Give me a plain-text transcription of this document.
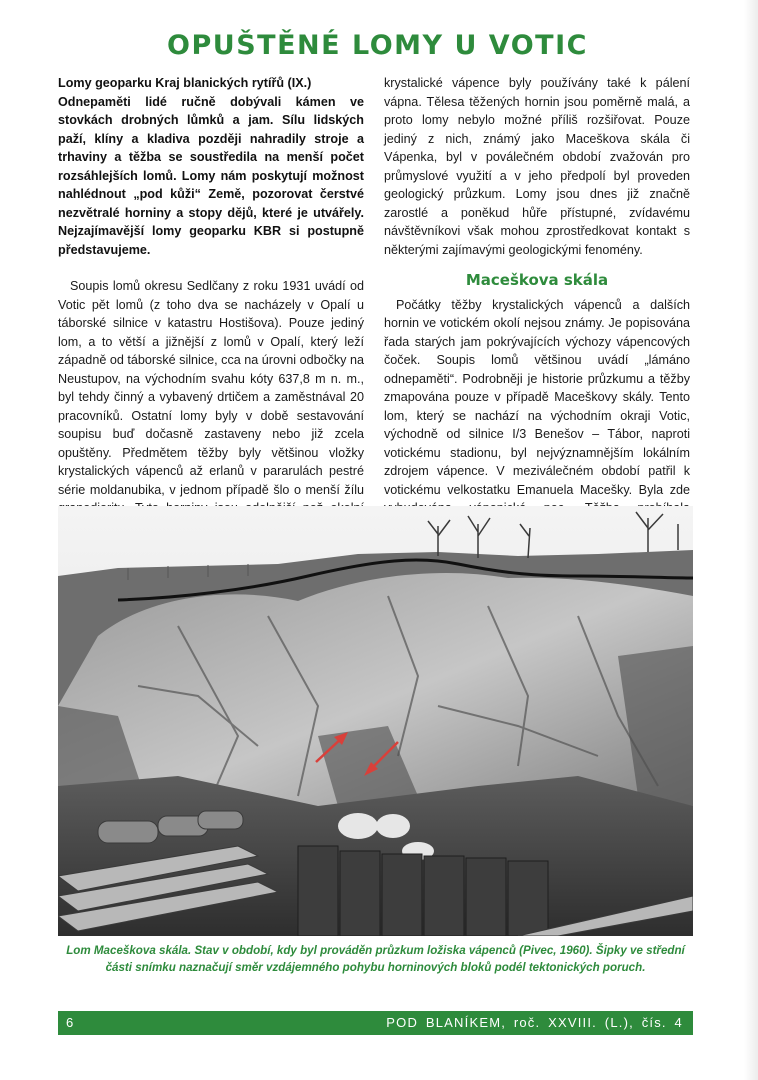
OPUŠTĚNÉ LOMY U VOTIC

Lomy geoparku Kraj blanických rytířů (IX.)
Odnepaměti lidé ručně dobývali kámen ve stovkách drobných lůmků a jam. Sílu lidských paží, klíny a kladiva později nahradily stroje a trhaviny a těžba se soustředila na menší počet rozsáhlejších lomů. Lomy nám poskytují možnost nahlédnout „pod kůži“ Země, pozorovat čerstvé nezvětralé horniny a stopy dějů, které je utvářely. Nejzajímavější lomy geoparku KBR si postupně představujeme.

Soupis lomů okresu Sedlčany z roku 1931 uvádí od Votic pět lomů (z toho dva se nacházely v Opalí u táborské silnice v katastru Hostišova). Pouze jediný lom, a to větší a jižnější z lomů v Opalí, který leží západně od táborské silnice, cca na úrovni odbočky na Neustupov, na východním svahu kóty 637,8 m n. m., byl tehdy činný a vybavený drtičem a zaměstnával 20 pracovníků. Ostatní lomy byly v době sestavování soupisu buď dočasně zastaveny nebo již zcela opuštěny. Předmětem těžby byly většinou vložky krystalických vápenců až erlanů v pararulách pestré série moldanubika, v jednom případě šlo o menší žílu

krystalické vápence byly používány také k pálení vápna. Tělesa těžených hornin jsou poměrně malá, a proto lomy nebylo možné příliš rozšiřovat. Pouze jediný z nich, známý jako Maceškova skála či Vápenka, byl v poválečném období zvažován pro průmyslové využití a v jeho předpolí byl proveden geologický průzkum. Lomy jsou dnes již značně zarostlé a poněkud hůře přístupné, zvídavému návštěvníkovi však mohou zprostředkovat kontakt s některými zajímavými geologickými fenomény.

Maceškova skála

Počátky těžby krystalických vápenců a dalších hornin ve votickém okolí nejsou známy. Je popisována řada starých jam pokrývajících výchozy vápencových čoček. Soupis lomů většinou uvádí „lámáno odnepaměti“. Podrobněji je historie průzkumu a těžby zmapována pouze v případě Maceškovy skály. Tento lom, který se nachází na východním okraji Votic, východně od silnice I/3 Benešov – Tábor, naproti votickému stadionu, byl nejvýznamnějším lokálním zdrojem vápence. V meziválečném období patřil k votickému velkostatku Emanuela Macešky. Byla zde

Lom Maceškova skála. Stav v období, kdy byl prováděn průzkum ložiska vápenců (Pivec, 1960). Šipky ve střední části snímku naznačují směr vzdájemného pohybu horninových bloků podél tektonických poruch.

6	POD BLANÍKEM, roč. XXVIII. (L.), čís. 4
